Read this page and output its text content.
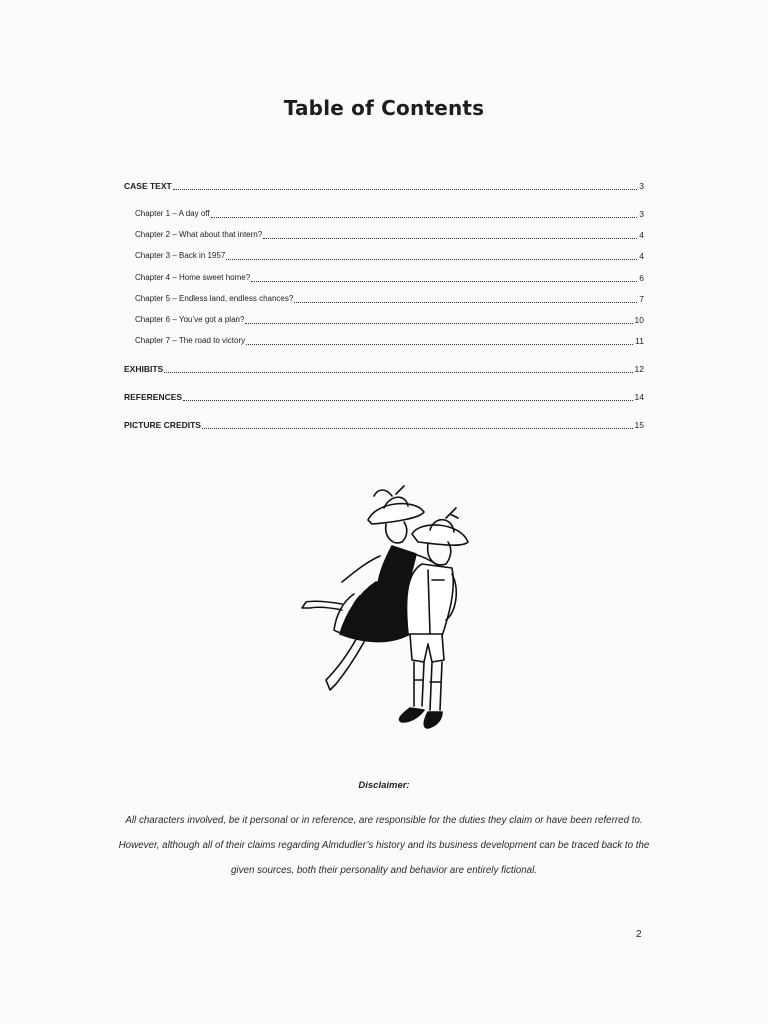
Table of Contents
CASE TEXT	3
Chapter 1 – A day off	3
Chapter 2 – What about that intern?	4
Chapter 3 – Back in 1957	4
Chapter 4 – Home sweet home?	6
Chapter 5 – Endless land, endless chances?	7
Chapter 6 – You’ve got a plan?	10
Chapter 7 – The road to victory	11
EXHIBITS	12
REFERENCES	14
PICTURE CREDITS	15
Disclaimer:
All characters involved, be it personal or in reference, are responsible for the duties they claim or have been referred to. However, although all of their claims regarding Almdudler’s history and its business development can be traced back to the given sources, both their personality and behavior are entirely fictional.
2
